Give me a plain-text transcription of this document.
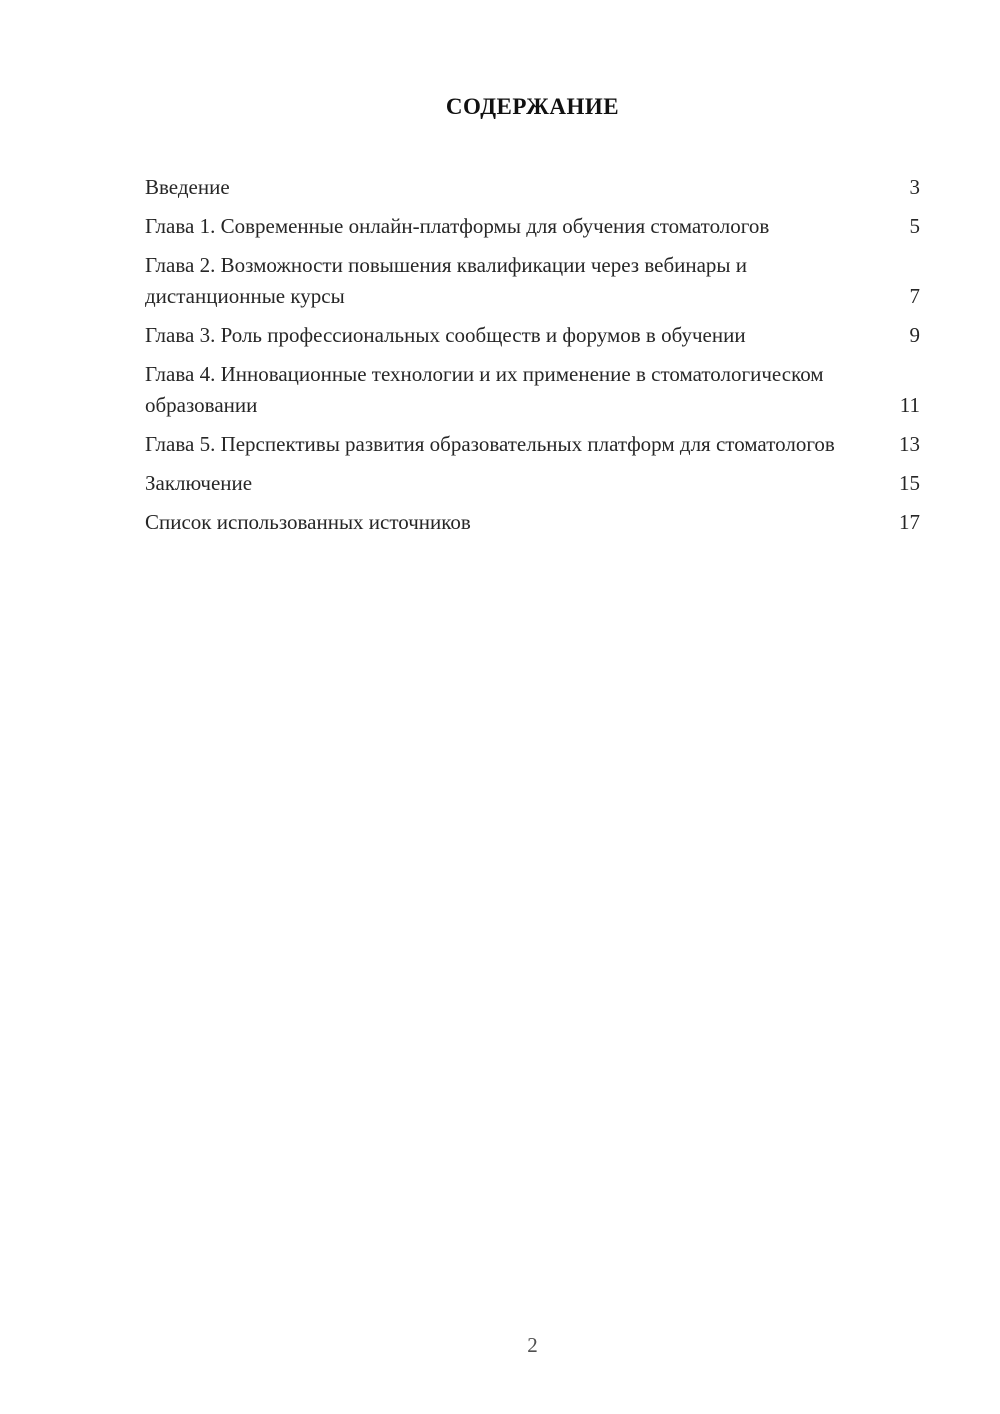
СОДЕРЖАНИЕ
Введение	3
Глава 1. Современные онлайн-платформы для обучения стоматологов	5
Глава 2. Возможности повышения квалификации через вебинары и дистанционные курсы	7
Глава 3. Роль профессиональных сообществ и форумов в обучении	9
Глава 4. Инновационные технологии и их применение в стоматологическом образовании	11
Глава 5. Перспективы развития образовательных платформ для стоматологов	13
Заключение	15
Список использованных источников	17
2
